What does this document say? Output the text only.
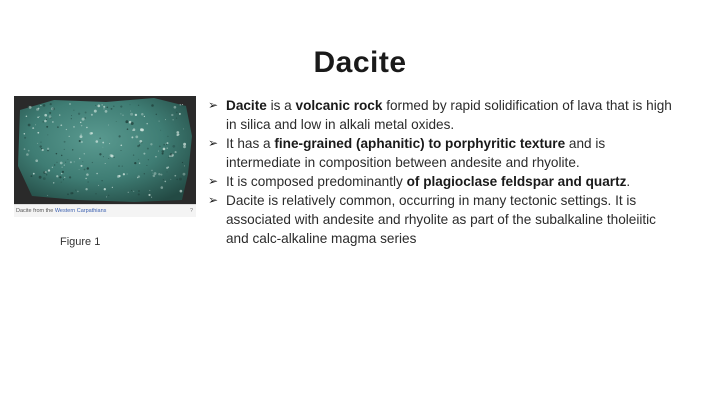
Dacite
Dacite from the Western Carpathians	?
Figure 1
➢ Dacite is a volcanic rock formed by rapid solidification of lava that is high in silica and low in alkali metal oxides.
➢ It has a fine-grained (aphanitic) to porphyritic texture and is intermediate in composition between andesite and rhyolite.
➢ It is composed predominantly of plagioclase feldspar and quartz.
➢ Dacite is relatively common, occurring in many tectonic settings. It is associated with andesite and rhyolite as part of the subalkaline tholeiitic and calc-alkaline magma series
